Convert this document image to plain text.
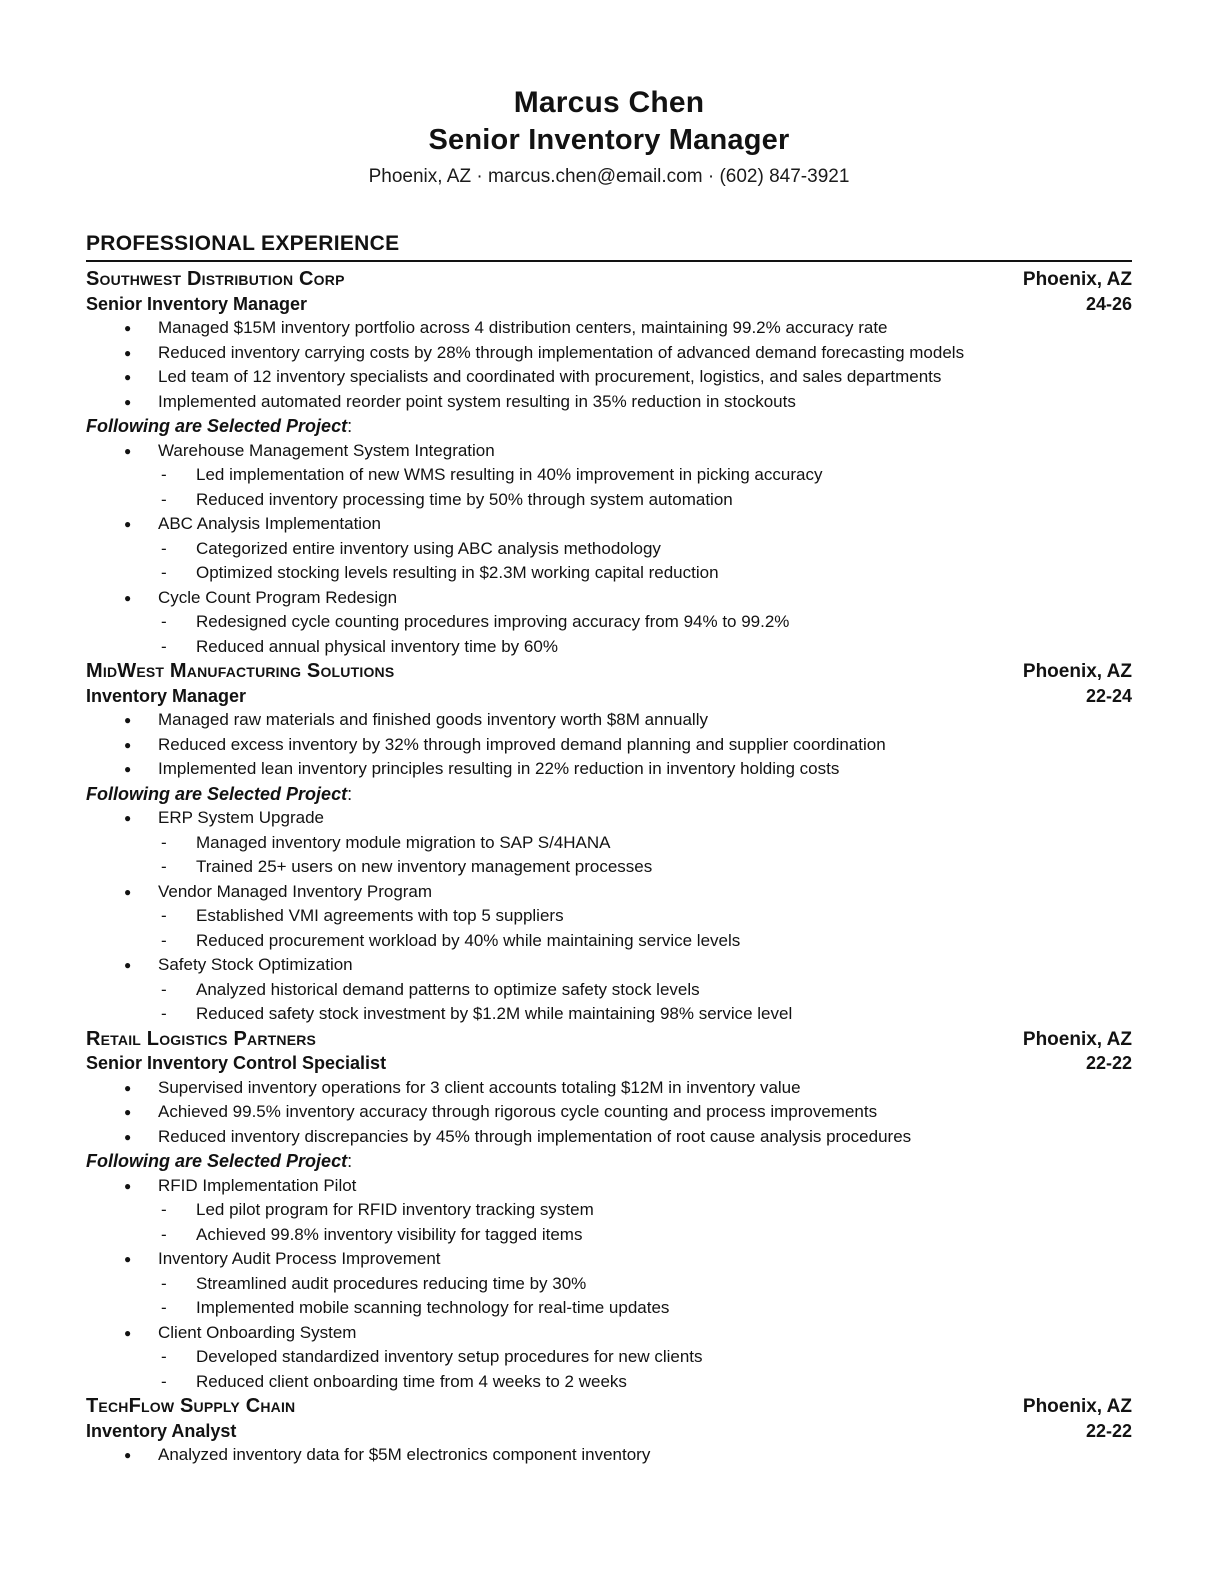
Marcus Chen
Senior Inventory Manager
Phoenix, AZ · marcus.chen@email.com · (602) 847-3921
PROFESSIONAL EXPERIENCE
Southwest Distribution Corp	Phoenix, AZ
Senior Inventory Manager	24-26
●	Managed $15M inventory portfolio across 4 distribution centers, maintaining 99.2% accuracy rate
●	Reduced inventory carrying costs by 28% through implementation of advanced demand forecasting models
●	Led team of 12 inventory specialists and coordinated with procurement, logistics, and sales departments
●	Implemented automated reorder point system resulting in 35% reduction in stockouts
Following are Selected Project:
●	Warehouse Management System Integration
-	Led implementation of new WMS resulting in 40% improvement in picking accuracy
-	Reduced inventory processing time by 50% through system automation
●	ABC Analysis Implementation
-	Categorized entire inventory using ABC analysis methodology
-	Optimized stocking levels resulting in $2.3M working capital reduction
●	Cycle Count Program Redesign
-	Redesigned cycle counting procedures improving accuracy from 94% to 99.2%
-	Reduced annual physical inventory time by 60%
MidWest Manufacturing Solutions	Phoenix, AZ
Inventory Manager	22-24
●	Managed raw materials and finished goods inventory worth $8M annually
●	Reduced excess inventory by 32% through improved demand planning and supplier coordination
●	Implemented lean inventory principles resulting in 22% reduction in inventory holding costs
Following are Selected Project:
●	ERP System Upgrade
-	Managed inventory module migration to SAP S/4HANA
-	Trained 25+ users on new inventory management processes
●	Vendor Managed Inventory Program
-	Established VMI agreements with top 5 suppliers
-	Reduced procurement workload by 40% while maintaining service levels
●	Safety Stock Optimization
-	Analyzed historical demand patterns to optimize safety stock levels
-	Reduced safety stock investment by $1.2M while maintaining 98% service level
Retail Logistics Partners	Phoenix, AZ
Senior Inventory Control Specialist	22-22
●	Supervised inventory operations for 3 client accounts totaling $12M in inventory value
●	Achieved 99.5% inventory accuracy through rigorous cycle counting and process improvements
●	Reduced inventory discrepancies by 45% through implementation of root cause analysis procedures
Following are Selected Project:
●	RFID Implementation Pilot
-	Led pilot program for RFID inventory tracking system
-	Achieved 99.8% inventory visibility for tagged items
●	Inventory Audit Process Improvement
-	Streamlined audit procedures reducing time by 30%
-	Implemented mobile scanning technology for real-time updates
●	Client Onboarding System
-	Developed standardized inventory setup procedures for new clients
-	Reduced client onboarding time from 4 weeks to 2 weeks
TechFlow Supply Chain	Phoenix, AZ
Inventory Analyst	22-22
●	Analyzed inventory data for $5M electronics component inventory
